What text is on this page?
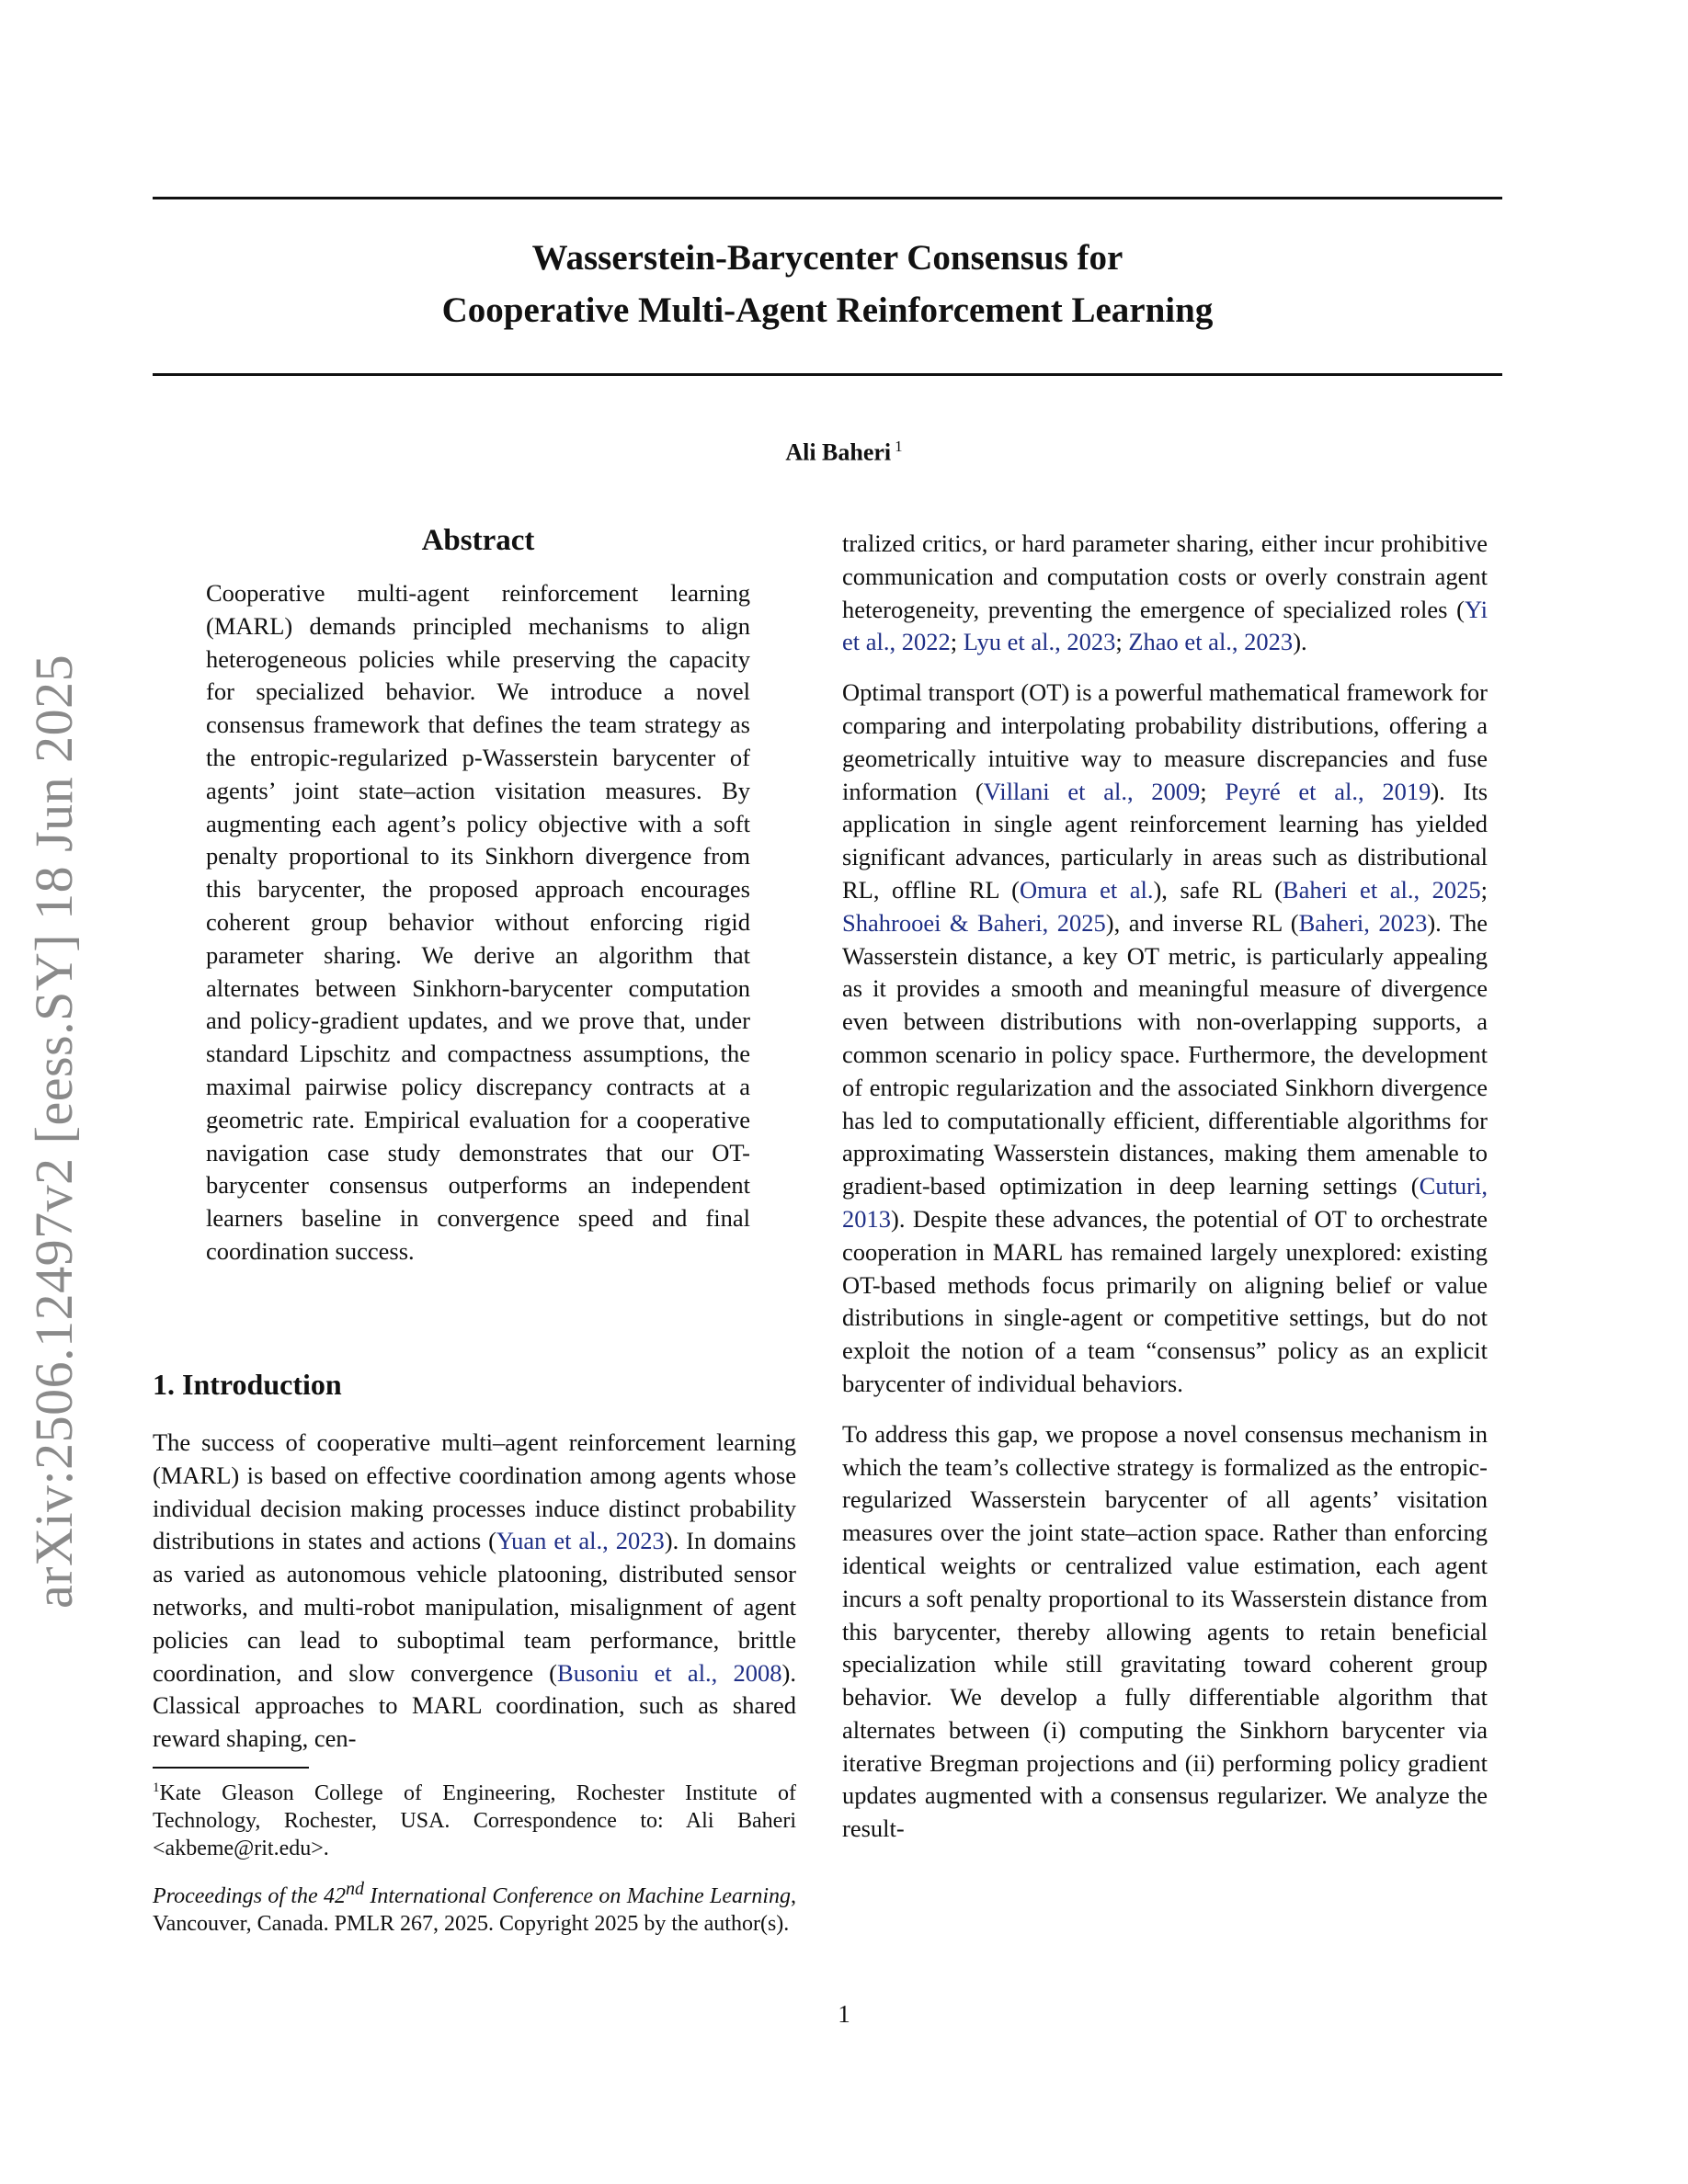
Wasserstein-Barycenter Consensus for
Cooperative Multi-Agent Reinforcement Learning
Ali Baheri $^1$
arXiv:2506.12497v2 [eess.SY] 18 Jun 2025
Abstract
Cooperative multi-agent reinforcement learning (MARL) demands principled mechanisms to align heterogeneous policies while preserving the capacity for specialized behavior. We introduce a novel consensus framework that defines the team strategy as the entropic-regularized p-Wasserstein barycenter of agents’ joint state–action visitation measures. By augmenting each agent’s policy objective with a soft penalty proportional to its Sinkhorn divergence from this barycenter, the proposed approach encourages coherent group behavior without enforcing rigid parameter sharing. We derive an algorithm that alternates between Sinkhorn-barycenter computation and policy-gradient updates, and we prove that, under standard Lipschitz and compactness assumptions, the maximal pairwise policy discrepancy contracts at a geometric rate. Empirical evaluation for a cooperative navigation case study demonstrates that our OT-barycenter consensus outperforms an independent learners baseline in convergence speed and final coordination success.
1. Introduction

The success of cooperative multi–agent reinforcement learning (MARL) is based on effective coordination among agents whose individual decision making processes induce distinct probability distributions in states and actions (Yuan et al., 2023). In domains as varied as autonomous vehicle platooning, distributed sensor networks, and multi-robot manipulation, misalignment of agent policies can lead to suboptimal team performance, brittle coordination, and slow convergence (Busoniu et al., 2008). Classical approaches to MARL coordination, such as shared reward shaping, cen-

$^1$Kate Gleason College of Engineering, Rochester Institute of Technology, Rochester, USA. Correspondence to: Ali Baheri <akbeme@rit.edu>.
Proceedings of the 42nd International Conference on Machine Learning, Vancouver, Canada. PMLR 267, 2025. Copyright 2025 by the author(s).

tralized critics, or hard parameter sharing, either incur prohibitive communication and computation costs or overly constrain agent heterogeneity, preventing the emergence of specialized roles (Yi et al., 2022; Lyu et al., 2023; Zhao et al., 2023).

Optimal transport (OT) is a powerful mathematical framework for comparing and interpolating probability distributions, offering a geometrically intuitive way to measure discrepancies and fuse information (Villani et al., 2009; Peyré et al., 2019). Its application in single agent reinforcement learning has yielded significant advances, particularly in areas such as distributional RL, offline RL (Omura et al.), safe RL (Baheri et al., 2025; Shahrooei & Baheri, 2025), and inverse RL (Baheri, 2023). The Wasserstein distance, a key OT metric, is particularly appealing as it provides a smooth and meaningful measure of divergence even between distributions with non-overlapping supports, a common scenario in policy space. Furthermore, the development of entropic regularization and the associated Sinkhorn divergence has led to computationally efficient, differentiable algorithms for approximating Wasserstein distances, making them amenable to gradient-based optimization in deep learning settings (Cuturi, 2013). Despite these advances, the potential of OT to orchestrate cooperation in MARL has remained largely unexplored: existing OT-based methods focus primarily on aligning belief or value distributions in single-agent or competitive settings, but do not exploit the notion of a team “consensus” policy as an explicit barycenter of individual behaviors.

To address this gap, we propose a novel consensus mechanism in which the team’s collective strategy is formalized as the entropic-regularized Wasserstein barycenter of all agents’ visitation measures over the joint state–action space. Rather than enforcing identical weights or centralized value estimation, each agent incurs a soft penalty proportional to its Wasserstein distance from this barycenter, thereby allowing agents to retain beneficial specialization while still gravitating toward coherent group behavior. We develop a fully differentiable algorithm that alternates between (i) computing the Sinkhorn barycenter via iterative Bregman projections and (ii) performing policy gradient updates augmented with a consensus regularizer. We analyze the result-

1
